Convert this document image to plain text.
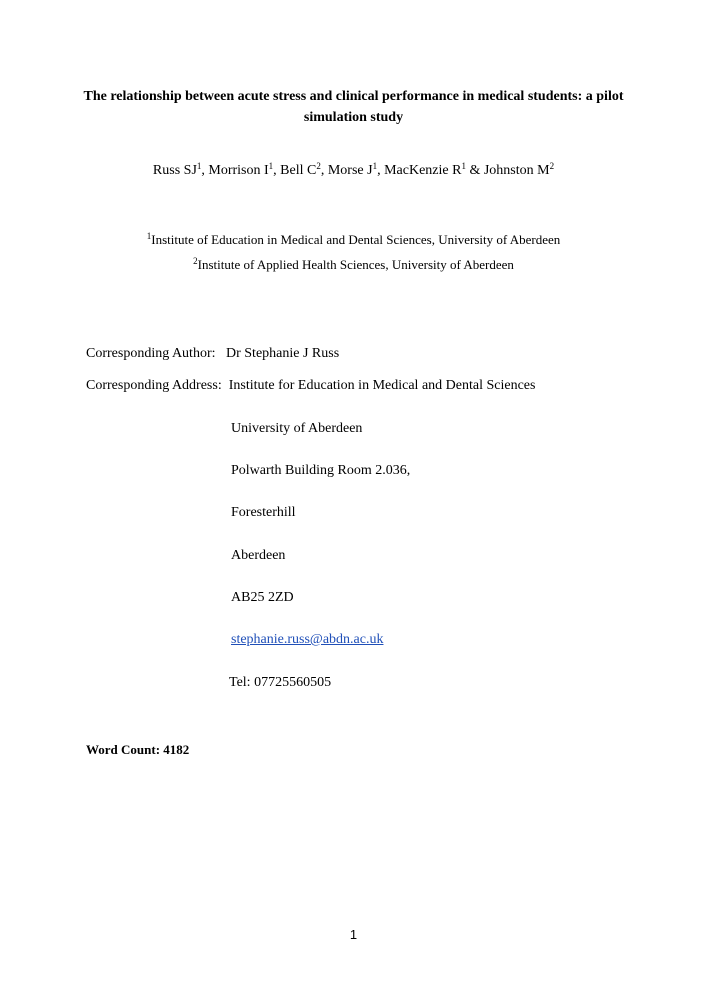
The relationship between acute stress and clinical performance in medical students: a pilot simulation study
Russ $SJ^1$, Morrison $I^1$, Bell $C^2$, Morse $J^1$, MacKenzie $R^1$ & Johnston $M^2$
$^1$Institute of Education in Medical and Dental Sciences, University of Aberdeen
$^2$Institute of Applied Health Sciences, University of Aberdeen
Corresponding Author: Dr Stephanie J Russ
Corresponding Address: Institute for Education in Medical and Dental Sciences
University of Aberdeen
Polwarth Building Room 2.036,
Foresterhill
Aberdeen
AB25 2ZD
stephanie.russ@abdn.ac.uk
Tel: 07725560505
Word Count: 4182
1
